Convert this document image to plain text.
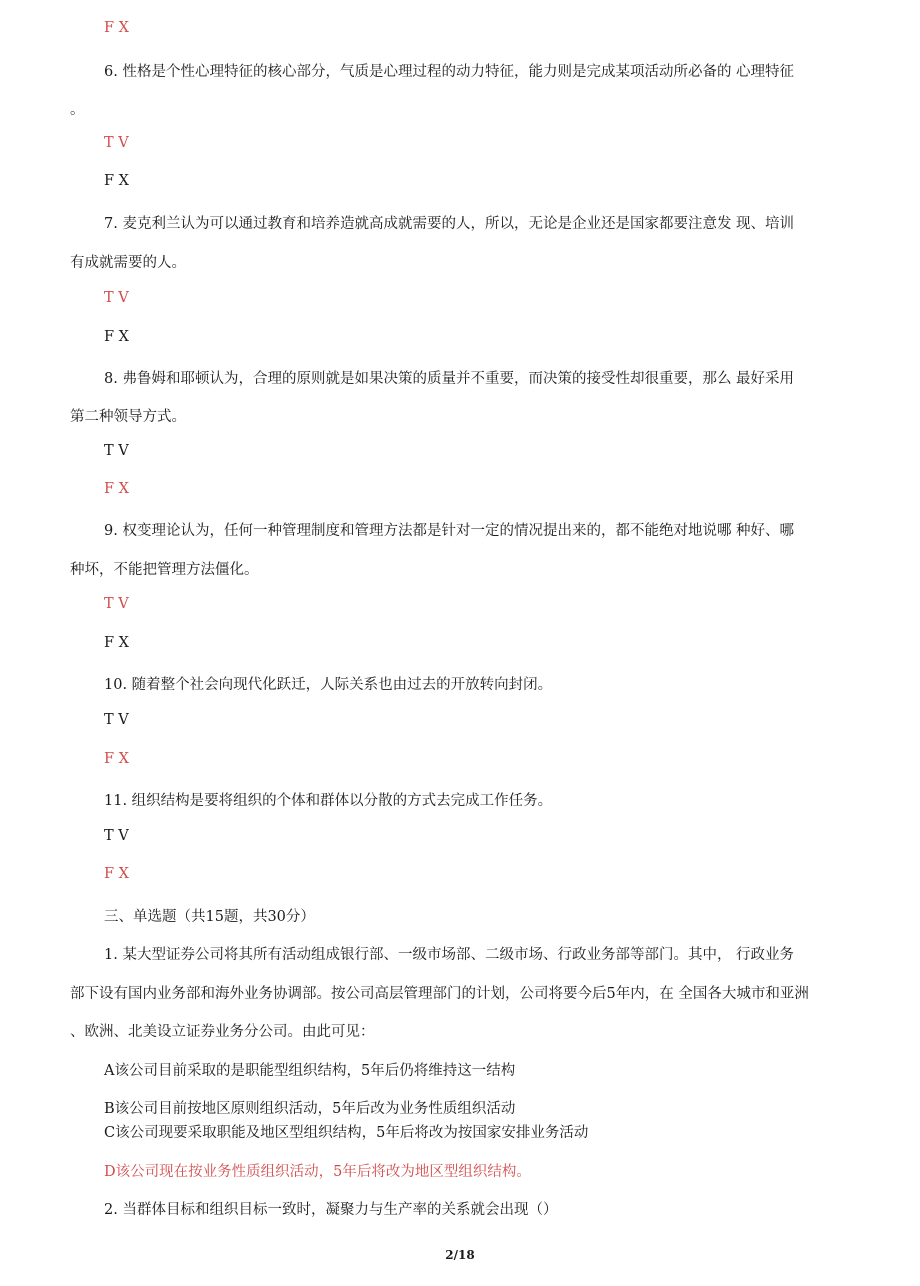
F X

6. 性格是个性心理特征的核心部分，气质是心理过程的动力特征，能力则是完成某项活动所必备的 心理特征

。

T V

F X

7. 麦克利兰认为可以通过教育和培养造就高成就需要的人，所以，无论是企业还是国家都要注意发 现、培训

有成就需要的人。

T V

F X

8. 弗鲁姆和耶顿认为，合理的原则就是如果决策的质量并不重要，而决策的接受性却很重要，那么 最好采用

第二种领导方式。

T V

F X

9. 权变理论认为，任何一种管理制度和管理方法都是针对一定的情况提出来的，都不能绝对地说哪 种好、哪

种坏，不能把管理方法僵化。

T V

F X

10. 随着整个社会向现代化跃迁，人际关系也由过去的开放转向封闭。

T V

F X

11. 组织结构是要将组织的个体和群体以分散的方式去完成工作任务。

T V

F X

三、单选题（共15题，共30分）

1. 某大型证券公司将其所有活动组成银行部、一级市场部、二级市场、行政业务部等部门。其中， 行政业务

部下设有国内业务部和海外业务协调部。按公司高层管理部门的计划，公司将要今后5年内，在 全国各大城市和亚洲

、欧洲、北美设立证券业务分公司。由此可见：

A该公司目前采取的是职能型组织结构，5年后仍将维持这一结构

B该公司目前按地区原则组织活动，5年后改为业务性质组织活动

C该公司现要采取职能及地区型组织结构，5年后将改为按国家安排业务活动

D该公司现在按业务性质组织活动，5年后将改为地区型组织结构。

2. 当群体目标和组织目标一致时，凝聚力与生产率的关系就会出现（）

2/18
